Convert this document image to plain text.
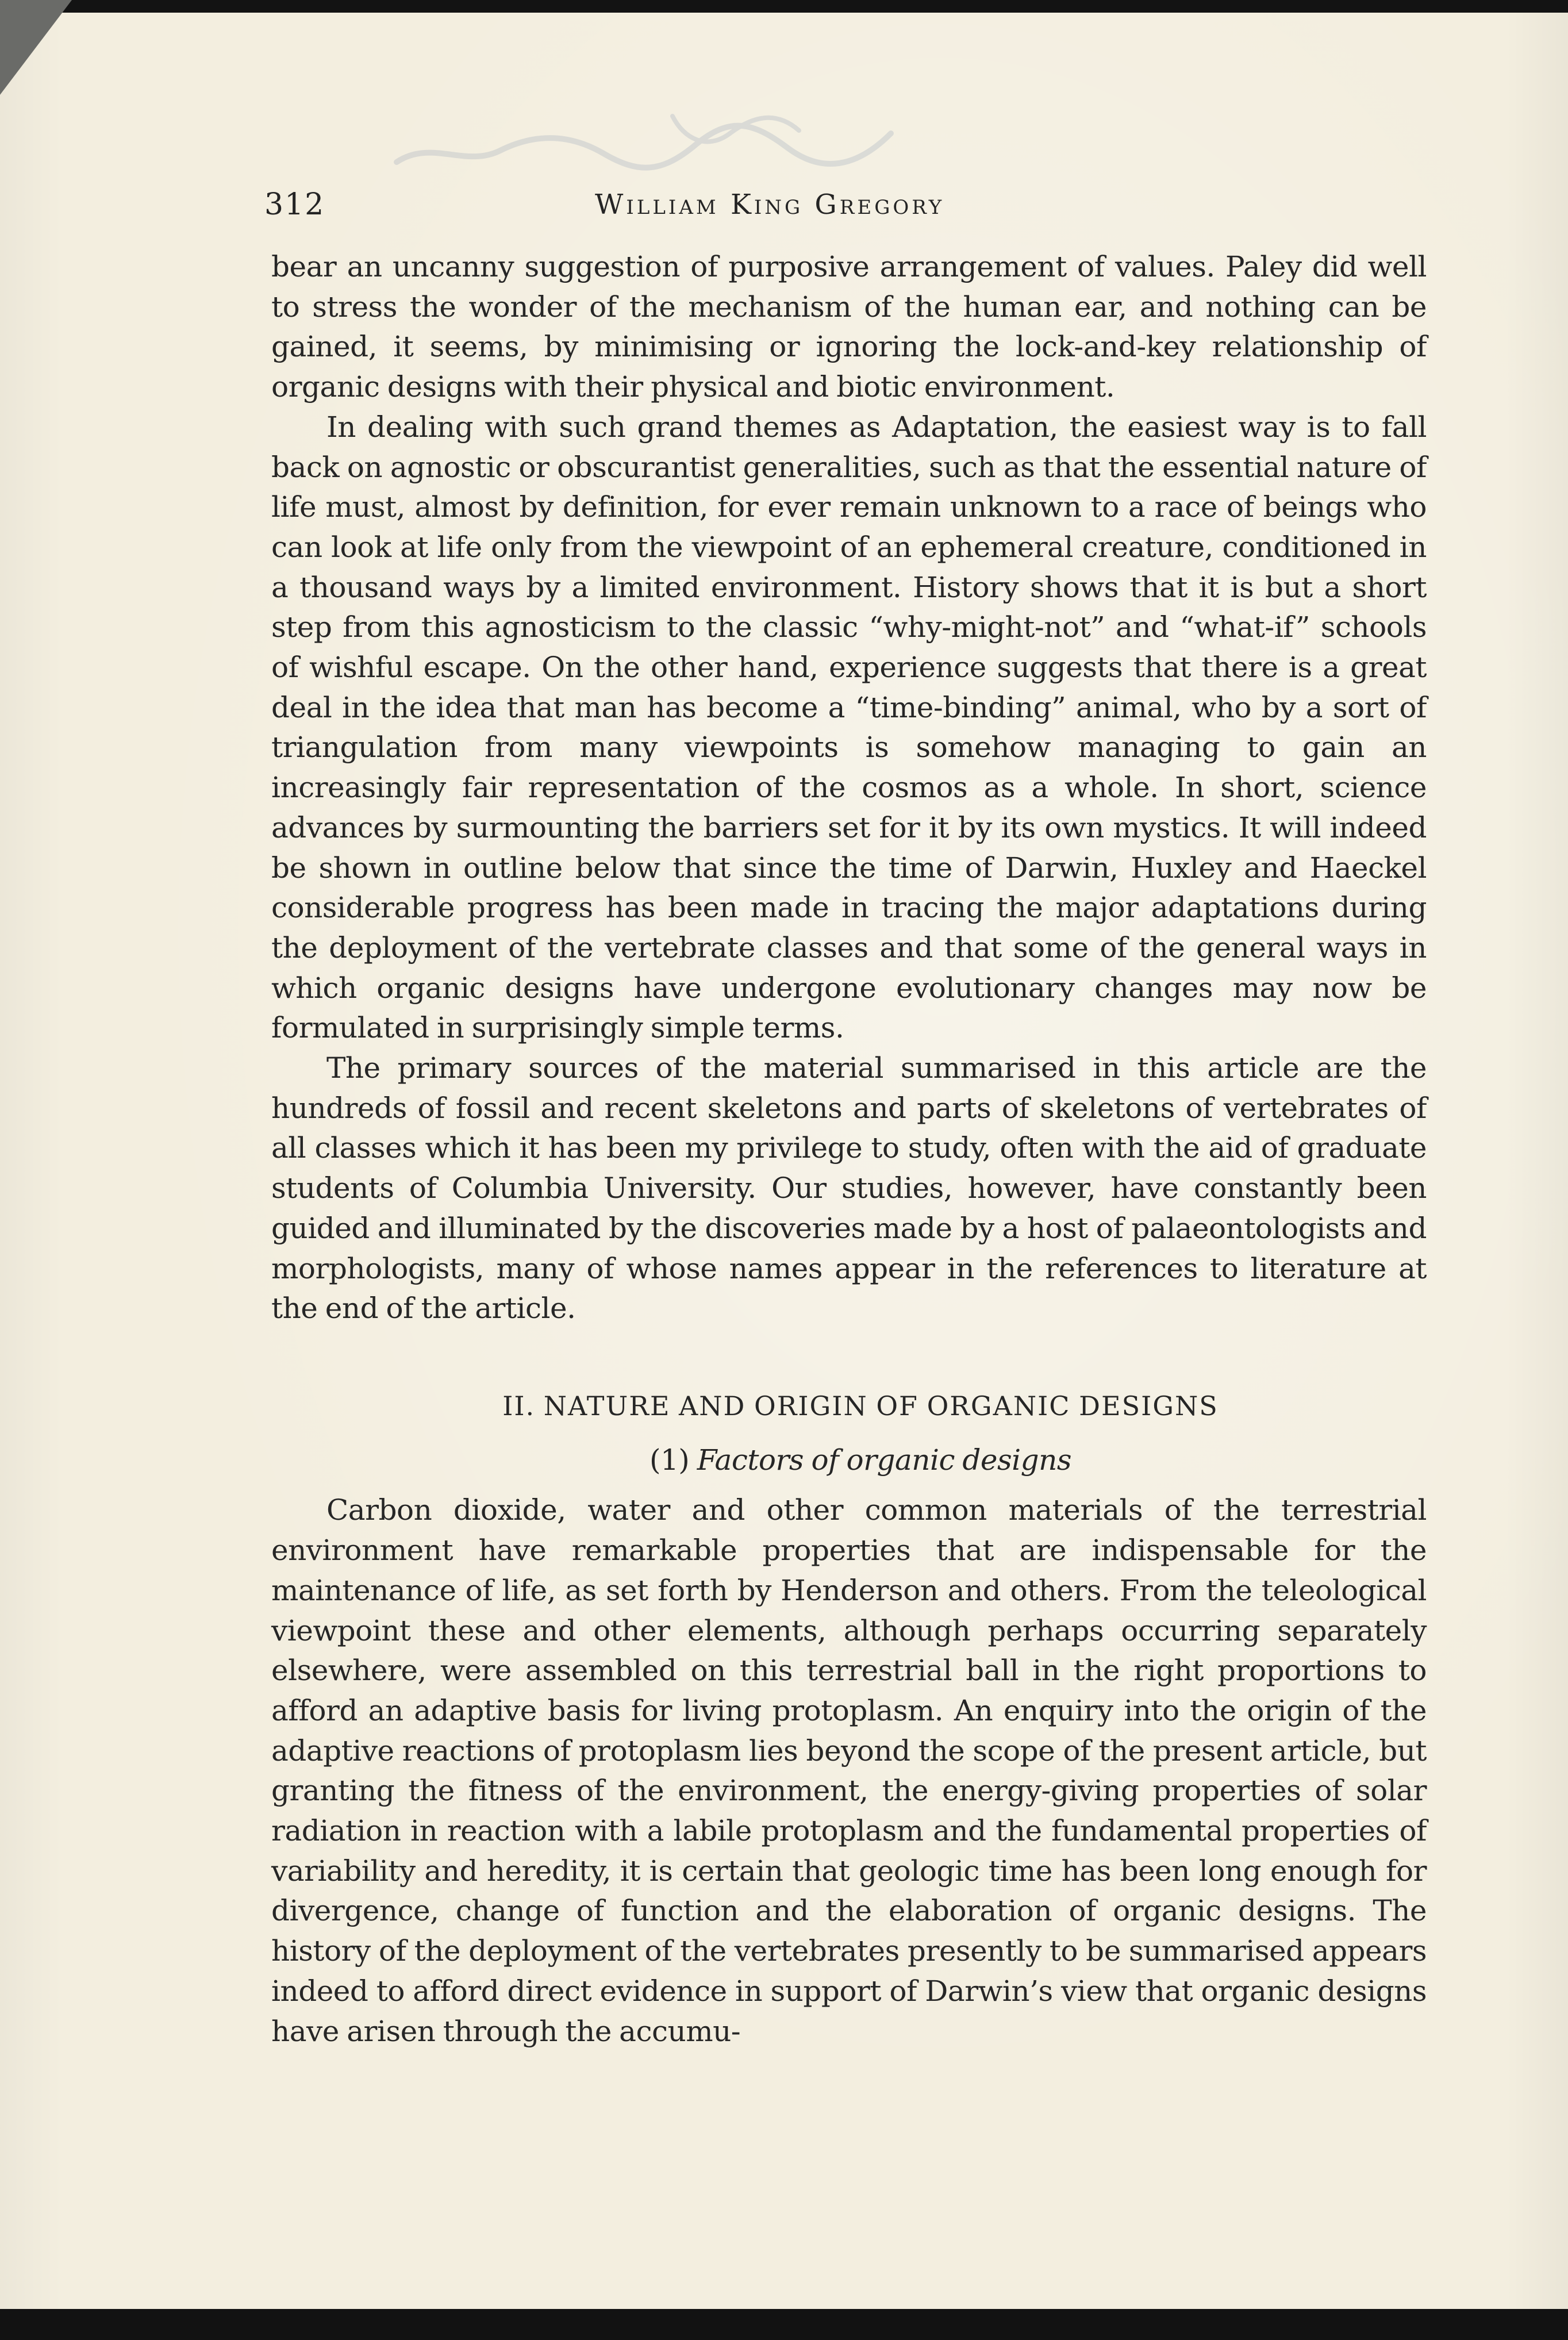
312	William King Gregory

bear an uncanny suggestion of purposive arrangement of values. Paley did well to stress the wonder of the mechanism of the human ear, and nothing can be gained, it seems, by minimising or ignoring the lock-and-key relationship of organic designs with their physical and biotic environment.

In dealing with such grand themes as Adaptation, the easiest way is to fall back on agnostic or obscurantist generalities, such as that the essential nature of life must, almost by definition, for ever remain unknown to a race of beings who can look at life only from the viewpoint of an ephemeral creature, conditioned in a thousand ways by a limited environment. History shows that it is but a short step from this agnosticism to the classic “why-might-not” and “what-if” schools of wishful escape. On the other hand, experience suggests that there is a great deal in the idea that man has become a “time-binding” animal, who by a sort of triangulation from many viewpoints is somehow managing to gain an increasingly fair representation of the cosmos as a whole. In short, science advances by surmounting the barriers set for it by its own mystics. It will indeed be shown in outline below that since the time of Darwin, Huxley and Haeckel considerable progress has been made in tracing the major adaptations during the deployment of the vertebrate classes and that some of the general ways in which organic designs have undergone evolutionary changes may now be formulated in surprisingly simple terms.

The primary sources of the material summarised in this article are the hundreds of fossil and recent skeletons and parts of skeletons of vertebrates of all classes which it has been my privilege to study, often with the aid of graduate students of Columbia University. Our studies, however, have constantly been guided and illuminated by the discoveries made by a host of palaeontologists and morphologists, many of whose names appear in the references to literature at the end of the article.

II. NATURE AND ORIGIN OF ORGANIC DESIGNS
(1) Factors of organic designs

Carbon dioxide, water and other common materials of the terrestrial environment have remarkable properties that are indispensable for the maintenance of life, as set forth by Henderson and others. From the teleological viewpoint these and other elements, although perhaps occurring separately elsewhere, were assembled on this terrestrial ball in the right proportions to afford an adaptive basis for living protoplasm. An enquiry into the origin of the adaptive reactions of protoplasm lies beyond the scope of the present article, but granting the fitness of the environment, the energy-giving properties of solar radiation in reaction with a labile protoplasm and the fundamental properties of variability and heredity, it is certain that geologic time has been long enough for divergence, change of function and the elaboration of organic designs. The history of the deployment of the vertebrates presently to be summarised appears indeed to afford direct evidence in support of Darwin’s view that organic designs have arisen through the accumu-
